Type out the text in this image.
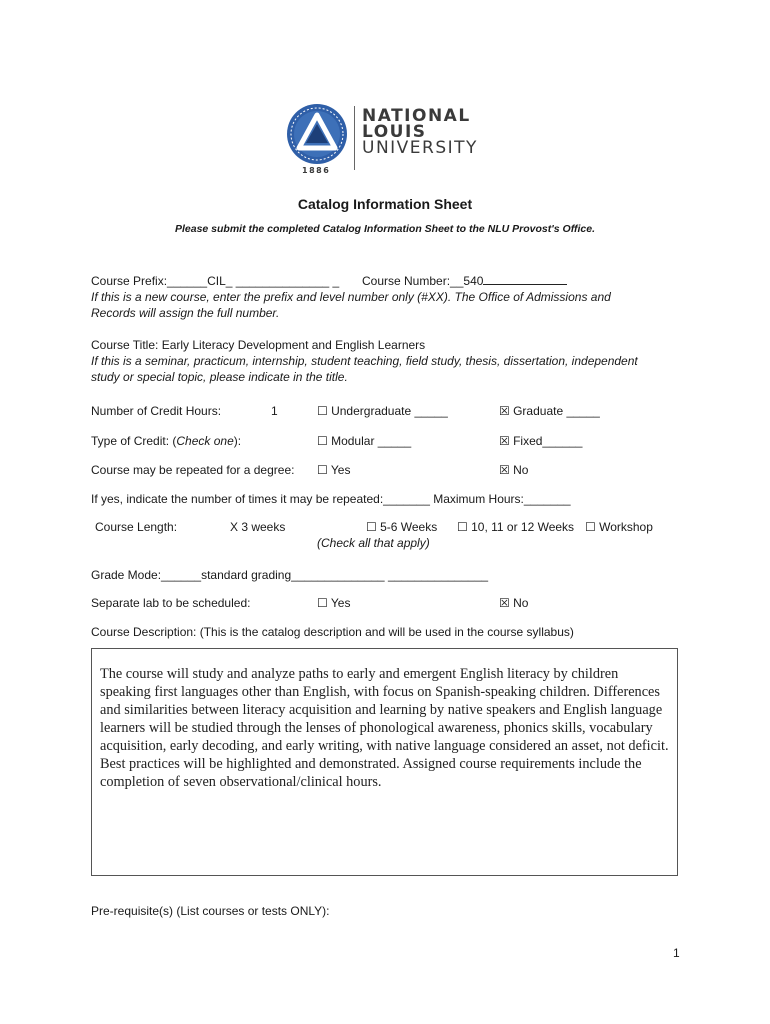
1886
NATIONAL
LOUIS
UNIVERSITY
Catalog Information Sheet
Please submit the completed Catalog Information Sheet to the NLU Provost's Office.
Course Prefix:______CIL_ ______________ _ Course Number:__540
If this is a new course, enter the prefix and level number only (#XX). The Office of Admissions and
Records will assign the full number.
Course Title: Early Literacy Development and English Learners
If this is a seminar, practicum, internship, student teaching, field study, thesis, dissertation, independent
study or special topic, please indicate in the title.
Number of Credit Hours:	1	☐ Undergraduate _____	☒ Graduate _____
Type of Credit: (Check one):	☐ Modular _____	☒ Fixed______
Course may be repeated for a degree: ☐ Yes	☒ No
If yes, indicate the number of times it may be repeated:_______ Maximum Hours:_______
Course Length:	X 3 weeks	☐ 5-6 Weeks ☐ 10, 11 or 12 Weeks ☐ Workshop
(Check all that apply)
Grade Mode:______standard grading______________ _______________
Separate lab to be scheduled:	☐ Yes	☒ No
Course Description: (This is the catalog description and will be used in the course syllabus)
The course will study and analyze paths to early and emergent English literacy by children speaking first languages other than English, with focus on Spanish-speaking children. Differences and similarities between literacy acquisition and learning by native speakers and English language learners will be studied through the lenses of phonological awareness, phonics skills, vocabulary acquisition, early decoding, and early writing, with native language considered an asset, not deficit. Best practices will be highlighted and demonstrated. Assigned course requirements include the completion of seven observational/clinical hours.
Pre-requisite(s) (List courses or tests ONLY):
1
